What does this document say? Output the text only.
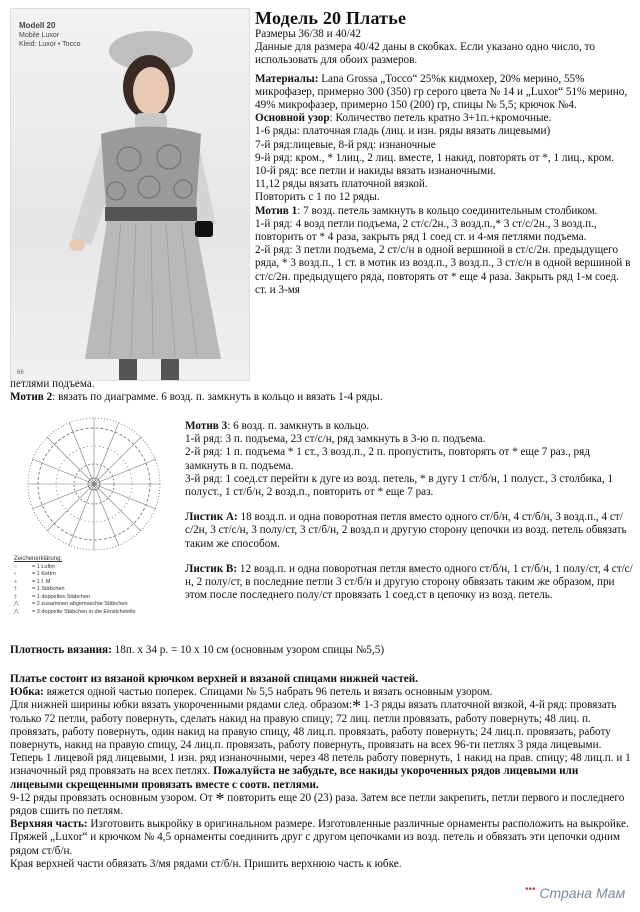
Modell 20
Mobile Luxor
Kleid: Luxor • Tocco
66
Модель 20 Платье

Размеры 36/38 и 40/42

Данные для размера 40/42 даны в скобках. Если указано одно число, то использовать для обоих размеров.

Материалы: Lana Grossa „Tocco“ 25%к кидмохер, 20% мерино, 55% микрофазер, примерно 300 (350) гр серого цвета № 14 и „Luxor“ 51% мерино, 49% микрофазер, примерно 150 (200) гр, спицы № 5,5; крючок №4.

Основной узор: Количество петель кратно 3+1п.+кромочные.

1-6 ряды: платочная гладь (лиц. и изн. ряды вязать лицевыми)

7-й ряд:лицевые, 8-й ряд: изнаночные

9-й ряд: кром., * 1лиц., 2 лиц. вместе, 1 накид, повторять от *, 1 лиц., кром.

10-й ряд: все петли и накиды вязать изнаночными.

11,12 ряды вязать платочной вязкой.

Повторить с 1 по 12 ряды.

Мотив 1: 7 возд. петель замкнуть в кольцо соединительным столбиком.

1-й ряд: 4 возд петли подъема, 2 ст/с/2н., 3 возд.п.,* 3 ст/с/2н., 3 возд.п., повторить от * 4 раза, закрыть ряд 1 соед ст. и 4-мя петлями подъема.

2-й ряд: 3 петли подъема, 2 ст/с/н в одной вершиной в ст/с/2н. предыдущего ряда, * 3 возд.п., 1 ст. в мотик из возд.п., 3 возд.п., 3 ст/с/н в одной вершиной в ст/с/2н. предыдущего ряда, повторять от * еще 4 раза. Закрыть ряд 1-м соед. ст. и 3-мя

петлями подъема.

Мотив 2: вязать по диаграмме. 6 возд. п. замкнуть в кольцо и вязать 1-4 ряды.

Zeichenerklärung:
○	= 1 Luftm
•	= 1 Kettm
+	= 1 f. M
†	= 1 Stäbchen
‡	= 1 doppeltes Stäbchen
⋀	= 2 zusammen abgemaschte Stäbchen
⋀	= 3 doppelte Stäbchen in die Einstichstelle

Мотив 3: 6 возд. п. замкнуть в кольцо.

1-й ряд: 3 п. подъема, 23 ст/с/н, ряд замкнуть в 3-ю п. подъема.

2-й ряд: 1 п. подъема * 1 ст., 3 возд.п., 2 п. пропустить, повторять от * еще 7 раз., ряд замкнуть в п. подъема.

3-й ряд: 1 соед.ст перейти к дуге из возд. петель, * в дугу 1 ст/б/н, 1 полуст., 3 столбика, 1 полуст., 1 ст/б/н, 2 возд.п., повторить от * еще 7 раз.

Листик А: 18 возд.п. и одна поворотная петля вместо одного ст/б/н, 4 ст/б/н, 3 возд.п., 4 ст/с/2н, 3 ст/с/н, 3 полу/ст, 3 ст/б/н, 2 возд.п и другую сторону цепочки из возд. петель обвязать таким же способом.

Листик В: 12 возд.п. и одна поворотная петля вместо одного ст/б/н, 1 ст/б/н, 1 полу/ст, 4 ст/с/н, 2 полу/ст, в последние петли 3 ст/б/н и другую сторону обвязать таким же образом, при этом после последнего полу/ст провязать 1 соед.ст в цепочку из возд. петель.

Плотность вязания: 18п. х 34 р. = 10 х 10 см (основным узором спицы №5,5)

Платье состоит из вязаной крючком верхней и вязаной спицами нижней частей.

Юбка: вяжется одной частью поперек. Спицами № 5,5 набрать 96 петель и вязать основным узором.

Для нижней ширины юбки вязать укороченными рядами след. образом:* 1-3 ряды вязать платочной вязкой, 4-й ряд: провязать только 72 петли, работу повернуть, сделать накид на правую спицу; 72 лиц. петли провязать, работу повернуть; 48 лиц. п. провязать, работу повернуть, один накид на правую спицу, 48 лиц.п. провязать, работу повернуть; 24 лиц.п. провязать, работу повернуть, накид на правую спицу, 24 лиц.п. провязать, работу повернуть, провязать на всех 96-ти петлях 3 ряда лицевыми.

Теперь 1 лицевой ряд лицевыми, 1 изн. ряд изнаночными, через 48 петель работу повернуть, 1 накид на прав. спицу; 48 лиц.п. и 1 изначочный ряд провязать на всех петлях. Пожалуйста не забудьте, все накиды укороченных рядов лицевыми или лицевыми скрещенными провязать вместе с соотв. петлями.

9-12 ряды провязать основным узором. От * повторить еще 20 (23) раза. Затем все петли закрепить, петли первого и последнего рядов сшить по петлям.

Верхняя часть: Изготовить выкройку в оригинальном размере. Изготовленные различные орнаменты расположить на выкройке. Пряжей „Luxor“ и крючком № 4,5 орнаменты соединить друг с другом цепочками из возд. петель и обвязать эти цепочки одним рядом ст/б/н.

Края верхней части обвязать 3/мя рядами ст/б/н. Пришить верхнюю часть к юбке.

••• Страна Мам
